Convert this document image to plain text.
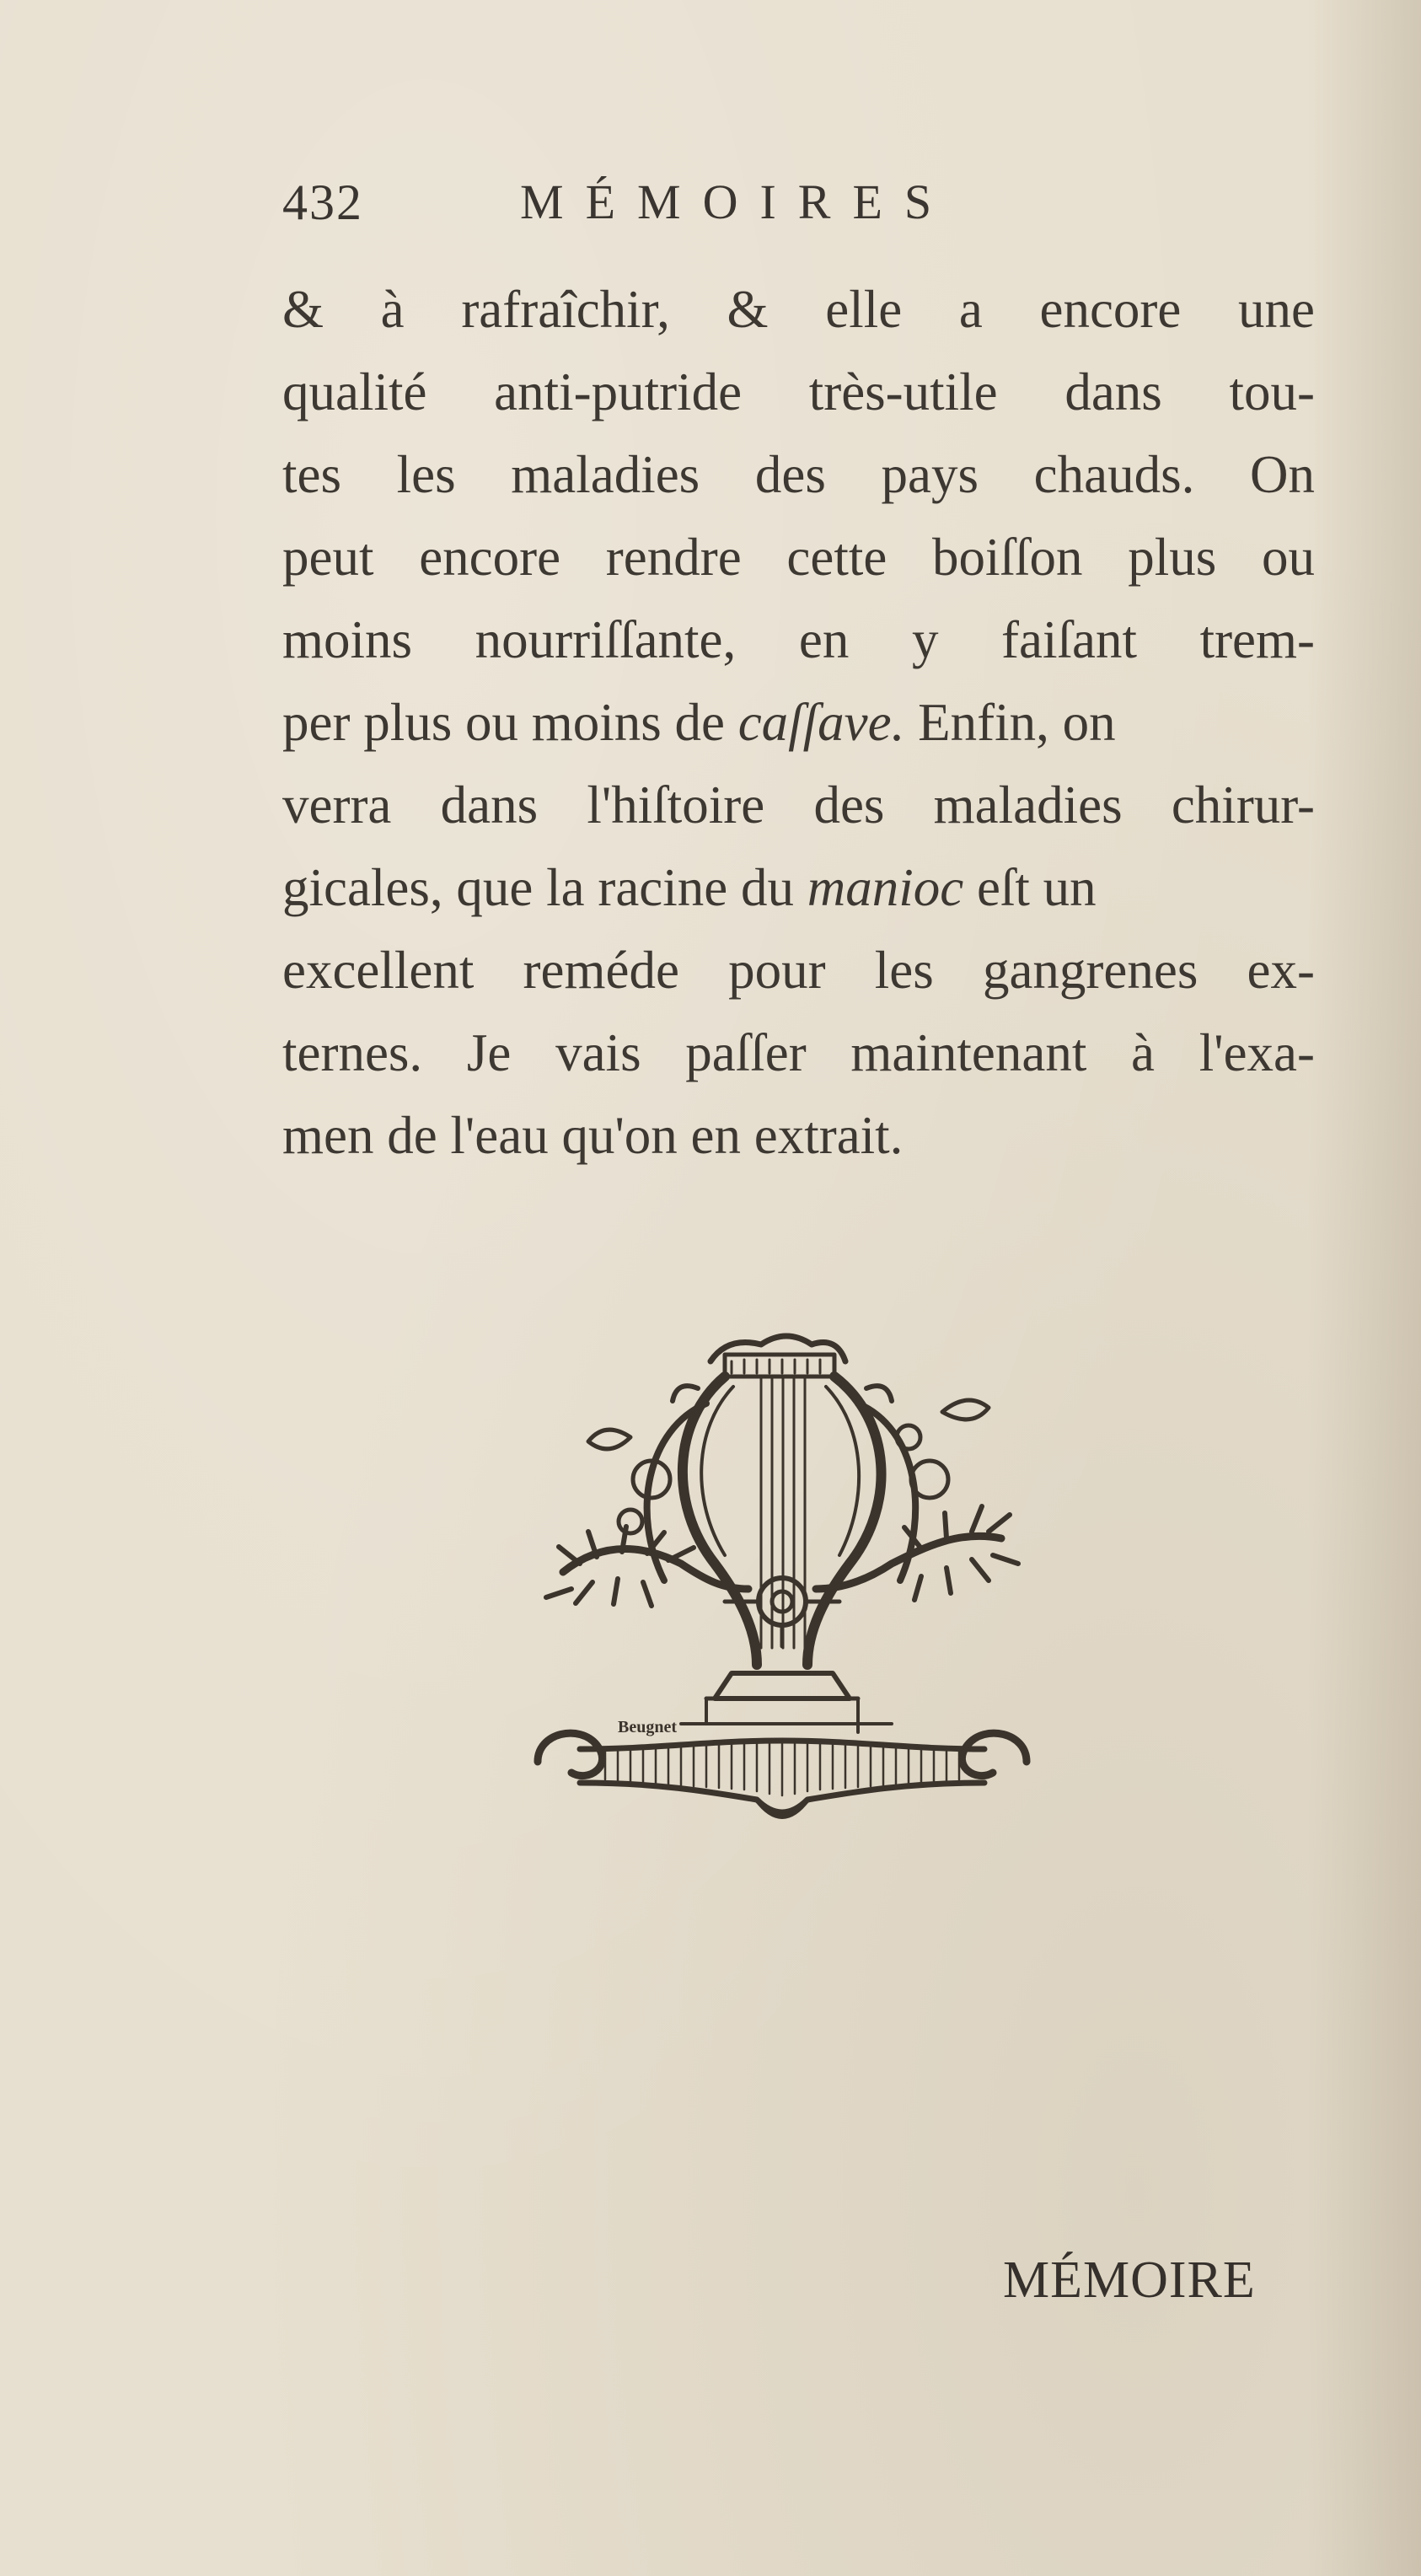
432	MÉMOIRES
& à rafraîchir, & elle a encore une
qualité anti-putride très-utile dans tou-
tes les maladies des pays chauds. On
peut encore rendre cette boiſſon plus ou
moins nourriſſante, en y faiſant trem-
per plus ou moins de caſſave. Enfin, on
verra dans l'hiſtoire des maladies chirur-
gicales, que la racine du manioc eſt un
excellent reméde pour les gangrenes ex-
ternes. Je vais paſſer maintenant à l'exa-
men de l'eau qu'on en extrait.
Beugnet
MÉMOIRE
